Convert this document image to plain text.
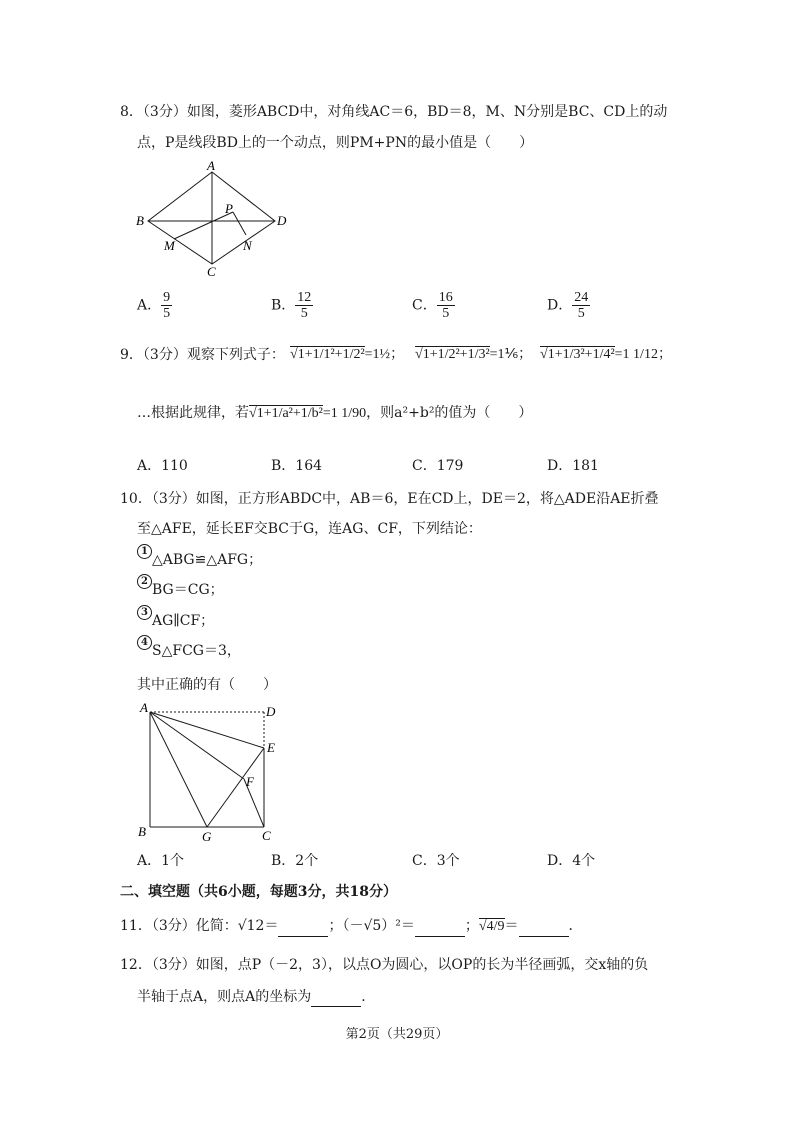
8．（3分）如图，菱形ABCD中，对角线AC＝6，BD＝8，M、N分别是BC、CD上的动
点，P是线段BD上的一个动点，则PM+PN的最小值是（　　）
A
B
C
D
P
M	N
A． $\frac{9}{5}$	B． $\frac{12}{5}$	C． $\frac{16}{5}$	D． $\frac{24}{5}$
9．（3分）观察下列式子： √1+1/1²+1/2²=1½； √1+1/2²+1/3²=1⅙； √1+1/3²+1/4²=1 1/12；
…根据此规律，若√1+1/a²+1/b²=1 1/90，则a²+b²的值为（　　）
A．110	B．164	C．179	D．181
10．（3分）如图，正方形ABDC中，AB＝6，E在CD上，DE＝2，将△ADE沿AE折叠
至△AFE，延长EF交BC于G，连AG、CF，下列结论：
1△ABG≌△AFG；
2BG＝CG；
3AG∥CF；
4S△FCG＝3，
其中正确的有（　　）
A	D
E
F
B	G	C
A．1个	B．2个	C．3个	D．4个
二、填空题（共6小题，每题3分，共18分）
11．（3分）化简：√12＝	；（－√5）²＝	；√4/9＝	．
12．（3分）如图，点P（－2，3），以点O为圆心，以OP的长为半径画弧，交x轴的负
半轴于点A，则点A的坐标为	．
第2页（共29页）
